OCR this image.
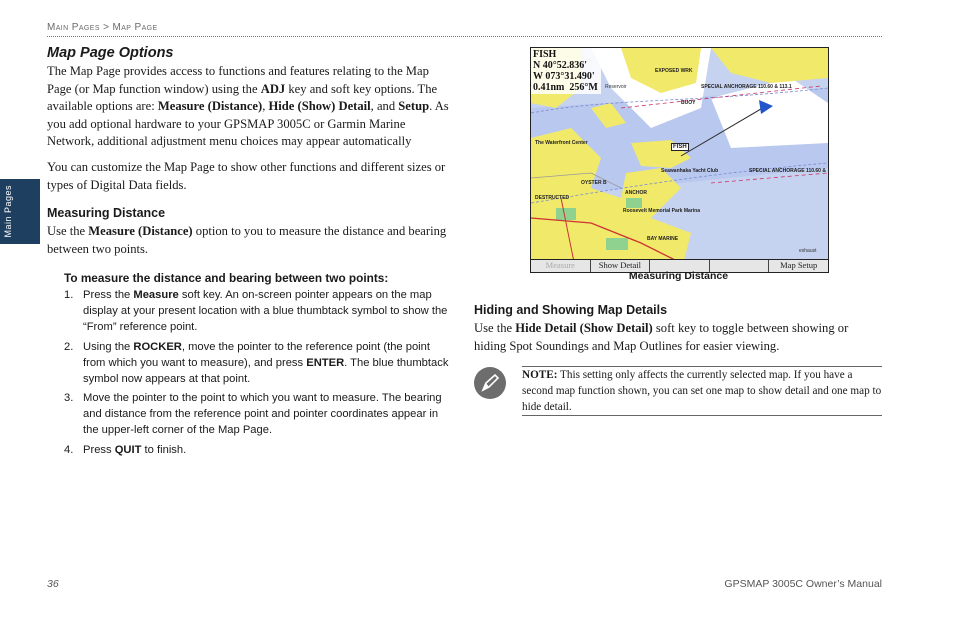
Main Pages > Map Page
Main Pages
Map Page Options

The Map Page provides access to functions and features relating to the Map Page (or Map function window) using the ADJ key and soft key options. The available options are: Measure (Distance), Hide (Show) Detail, and Setup. As you add optional hardware to your GPSMAP 3005C or Garmin Marine Network, additional adjustment menu choices may appear automatically

You can customize the Map Page to show other functions and different sizes or types of Digital Data fields.

Measuring Distance

Use the Measure (Distance) option to you to measure the distance and bearing between two points.

To measure the distance and bearing between two points:
1. Press the Measure soft key. An on-screen pointer appears on the map display at your present location with a blue thumbtack symbol to show the “From” reference point.
2. Using the ROCKER, move the pointer to the reference point (the point from which you want to measure), and press ENTER. The blue thumbtack symbol now appears at that point.
3. Move the pointer to the point to which you want to measure. The bearing and distance from the reference point and pointer coordinates appear in the upper-left corner of the Map Page.
4. Press QUIT to finish.
FISH
N 40°52.836'
W 073°31.490'
0.41nm 256°M	SPECIAL ANCHORAGE 110.60 & 113.1
EXPOSED WRK
BUOY
The Waterfront Center
OYSTER B
DESTRUCTED
ANCHOR
Seawanhaka Yacht Club	SPECIAL ANCHORAGE 110.60 &
Roosevelt Memorial Park Marina
BAY MARINE
FISH
Reservoir
exhaust
Measure	Show Detail	Map Setup
Measuring Distance
Hiding and Showing Map Details

Use the Hide Detail (Show Detail) soft key to toggle between showing or hiding Spot Soundings and Map Outlines for easier viewing.

NOTE: This setting only affects the currently selected map. If you have a second map function shown, you can set one map to show detail and one map to hide detail.

36	GPSMAP 3005C Owner’s Manual
